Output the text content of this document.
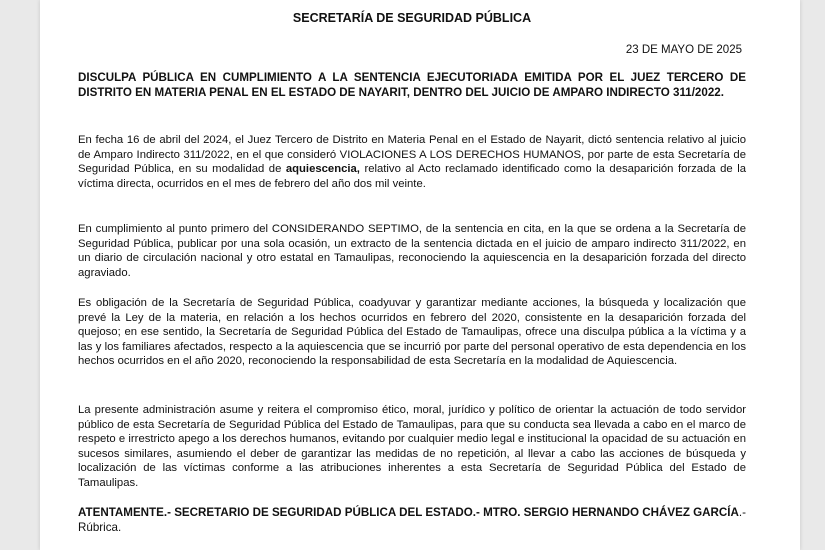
SECRETARÍA DE SEGURIDAD PÚBLICA
23 DE MAYO DE 2025
DISCULPA PÚBLICA EN CUMPLIMIENTO A LA SENTENCIA EJECUTORIADA EMITIDA POR EL JUEZ TERCERO DE DISTRITO EN MATERIA PENAL EN EL ESTADO DE NAYARIT, DENTRO DEL JUICIO DE AMPARO INDIRECTO 311/2022.
En fecha 16 de abril del 2024, el Juez Tercero de Distrito en Materia Penal en el Estado de Nayarit, dictó sentencia relativo al juicio de Amparo Indirecto 311/2022, en el que consideró VIOLACIONES A LOS DERECHOS HUMANOS, por parte de esta Secretaría de Seguridad Pública, en su modalidad de aquiescencia, relativo al Acto reclamado identificado como la desaparición forzada de la víctima directa, ocurridos en el mes de febrero del año dos mil veinte.
En cumplimiento al punto primero del CONSIDERANDO SEPTIMO, de la sentencia en cita, en la que se ordena a la Secretaría de Seguridad Pública, publicar por una sola ocasión, un extracto de la sentencia dictada en el juicio de amparo indirecto 311/2022, en un diario de circulación nacional y otro estatal en Tamaulipas, reconociendo la aquiescencia en la desaparición forzada del directo agraviado.
Es obligación de la Secretaría de Seguridad Pública, coadyuvar y garantizar mediante acciones, la búsqueda y localización que prevé la Ley de la materia, en relación a los hechos ocurridos en febrero del 2020, consistente en la desaparición forzada del quejoso; en ese sentido, la Secretaría de Seguridad Pública del Estado de Tamaulipas, ofrece una disculpa pública a la víctima y a las y los familiares afectados, respecto a la aquiescencia que se incurrió por parte del personal operativo de esta dependencia en los hechos ocurridos en el año 2020, reconociendo la responsabilidad de esta Secretaría en la modalidad de Aquiescencia.
La presente administración asume y reitera el compromiso ético, moral, jurídico y político de orientar la actuación de todo servidor público de esta Secretaría de Seguridad Pública del Estado de Tamaulipas, para que su conducta sea llevada a cabo en el marco de respeto e irrestricto apego a los derechos humanos, evitando por cualquier medio legal e institucional la opacidad de su actuación en sucesos similares, asumiendo el deber de garantizar las medidas de no repetición, al llevar a cabo las acciones de búsqueda y localización de las víctimas conforme a las atribuciones inherentes a esta Secretaría de Seguridad Pública del Estado de Tamaulipas.
ATENTAMENTE.- SECRETARIO DE SEGURIDAD PÚBLICA DEL ESTADO.- MTRO. SERGIO HERNANDO CHÁVEZ GARCÍA.- Rúbrica.
